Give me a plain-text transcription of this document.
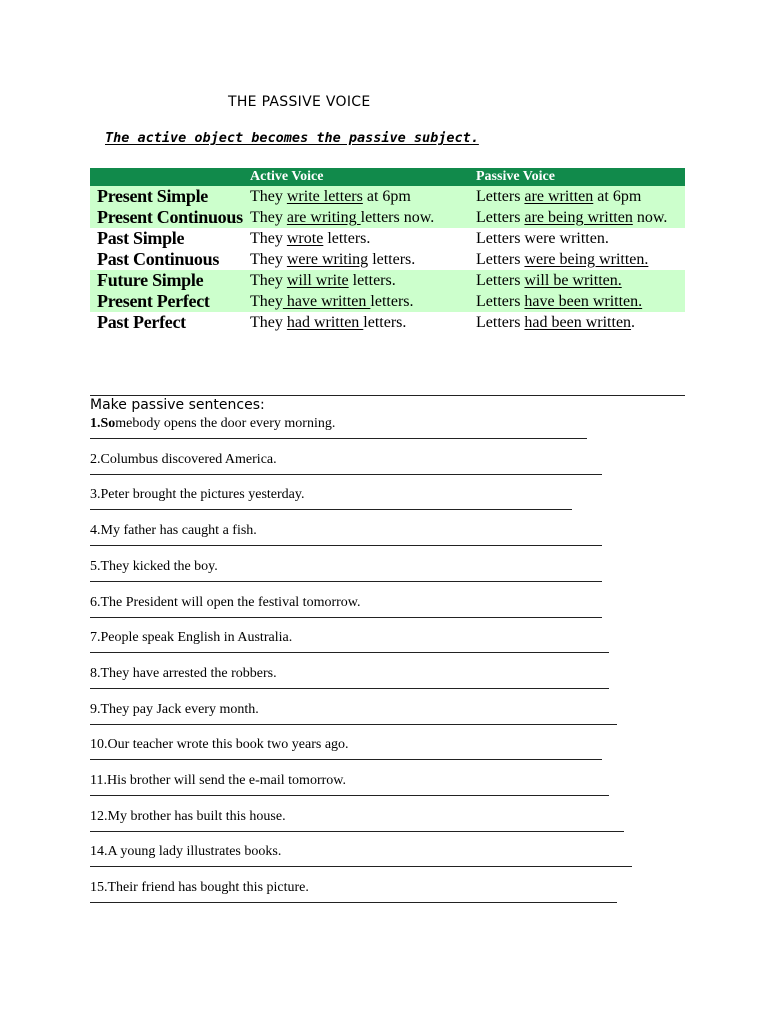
THE PASSIVE VOICE
The active object becomes the passive subject.
	Active Voice	Passive Voice
Present Simple	They write letters at 6pm	Letters are written at 6pm
Present Continuous	They are writing letters now.	Letters are being written now.
Past Simple	They wrote letters.	Letters were written.
Past Continuous	They were writing letters.	Letters were being written.
Future Simple	They will write letters.	Letters will be written.
Present Perfect	They have written letters.	Letters have been written.
Past Perfect	They had written letters.	Letters had been written.
Make passive sentences:
1.Somebody opens the door every morning.
2.Columbus discovered America.
3.Peter brought the pictures yesterday.
4.My father has caught a fish.
5.They kicked the boy.
6.The President will open the festival tomorrow.
7.People speak English in Australia.
8.They have arrested the robbers.
9.They pay Jack every month.
10.Our teacher wrote this book two years ago.
11.His brother will send the e-mail tomorrow.
12.My brother has built this house.
14.A young lady illustrates books.
15.Their friend has bought this picture.
